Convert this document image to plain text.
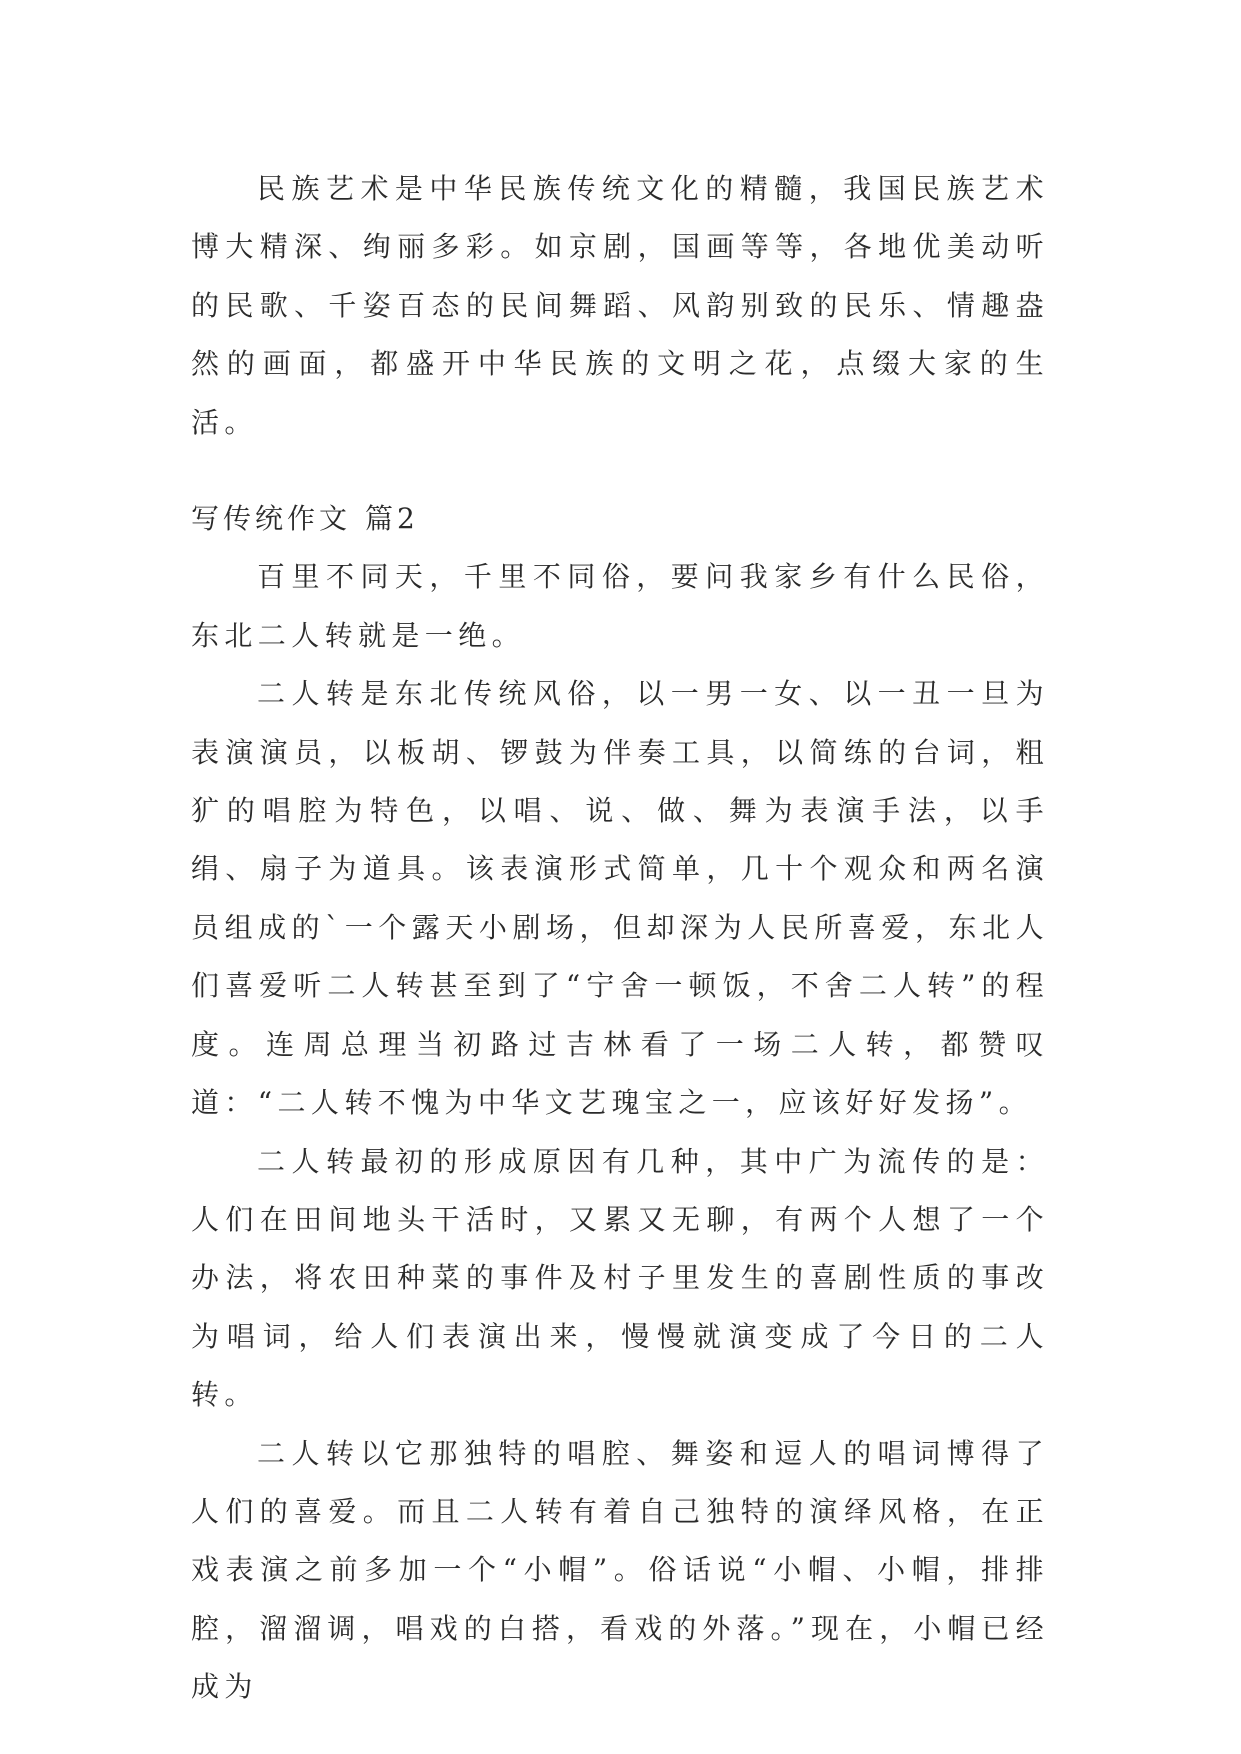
民族艺术是中华民族传统文化的精髓，我国民族艺术博大精深、绚丽多彩。如京剧，国画等等，各地优美动听的民歌、千姿百态的民间舞蹈、风韵别致的民乐、情趣盎然的画面，都盛开中华民族的文明之花，点缀大家的生活。

写传统作文 篇2

百里不同天，千里不同俗，要问我家乡有什么民俗，东北二人转就是一绝。

二人转是东北传统风俗，以一男一女、以一丑一旦为表演演员，以板胡、锣鼓为伴奏工具，以简练的台词，粗犷的唱腔为特色，以唱、说、做、舞为表演手法，以手绢、扇子为道具。该表演形式简单，几十个观众和两名演员组成的`一个露天小剧场，但却深为人民所喜爱，东北人们喜爱听二人转甚至到了“宁舍一顿饭，不舍二人转”的程度。连周总理当初路过吉林看了一场二人转，都赞叹道：“二人转不愧为中华文艺瑰宝之一，应该好好发扬”。

二人转最初的形成原因有几种，其中广为流传的是：人们在田间地头干活时，又累又无聊，有两个人想了一个办法，将农田种菜的事件及村子里发生的喜剧性质的事改为唱词，给人们表演出来，慢慢就演变成了今日的二人转。

二人转以它那独特的唱腔、舞姿和逗人的唱词博得了人们的喜爱。而且二人转有着自己独特的演绎风格，在正戏表演之前多加一个“小帽”。俗话说“小帽、小帽，排排腔，溜溜调，唱戏的白搭，看戏的外落。”现在，小帽已经成为
